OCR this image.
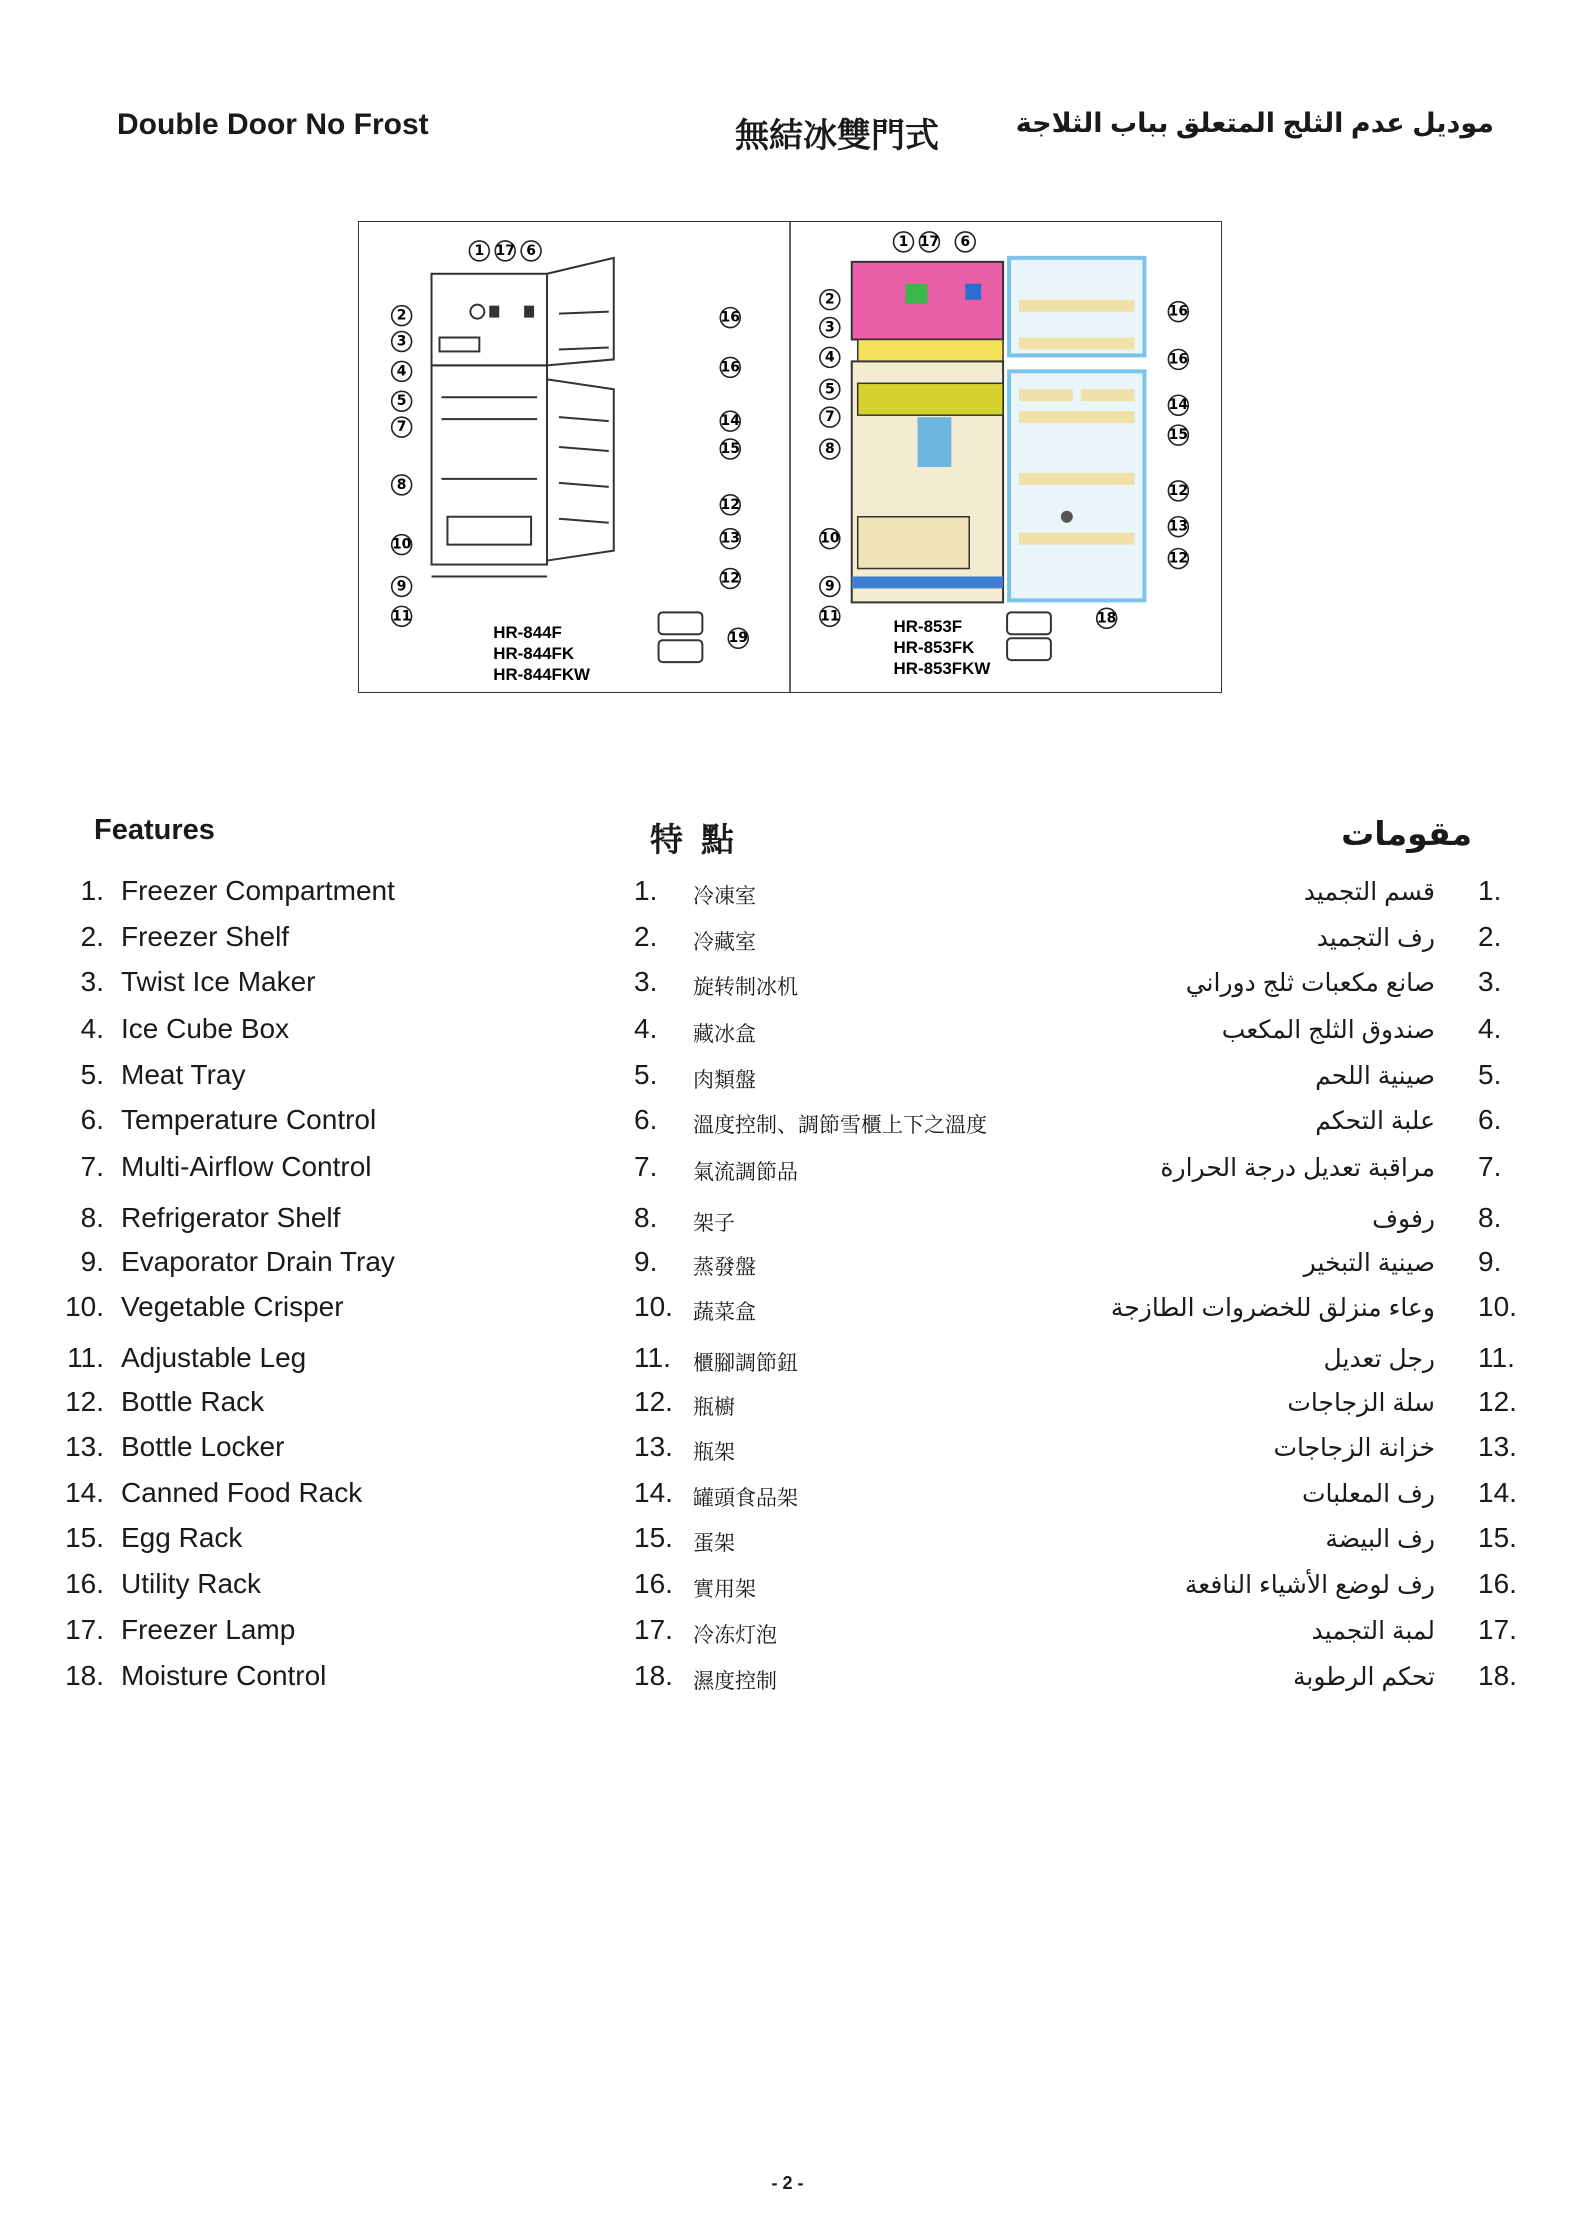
Double Door No Frost	無結冰雙門式	موديل عدم الثلج المتعلق بباب الثلاجة
1 17 6
2
3
4
5
7
8
10
9
11
16
16
14
15
12
13
12
19
HR-844F
HR-844FK
HR-844FKW
1 17 6
2
3
4
5
7
8
10
9
11
16
16
14
15
12
13
12
18
HR-853F
HR-853FK
HR-853FKW
Features	特點	مقومات
1. Freezer Compartment	1. 冷凍室	قسم التجميد 1.
2. Freezer Shelf	2. 冷藏室	رف التجميد 2.
3. Twist Ice Maker	3. 旋转制冰机	صانع مكعبات ثلج دوراني 3.
4. Ice Cube Box	4. 藏冰盒	صندوق الثلج المكعب 4.
5. Meat Tray	5. 肉類盤	صينية اللحم 5.
6. Temperature Control	6. 溫度控制、調節雪櫃上下之溫度	علبة التحكم 6.
7. Multi-Airflow Control	7. 氣流調節品	مراقبة تعديل درجة الحرارة 7.
8. Refrigerator Shelf	8. 架子	رفوف 8.
9. Evaporator Drain Tray	9. 蒸發盤	صينية التبخير 9.
10. Vegetable Crisper	10. 蔬菜盒	وعاء منزلق للخضروات الطازجة 10.
11. Adjustable Leg	11. 櫃腳調節鈕	رجل تعديل 11.
12. Bottle Rack	12. 瓶櫥	سلة الزجاجات 12.
13. Bottle Locker	13. 瓶架	خزانة الزجاجات 13.
14. Canned Food Rack	14. 罐頭食品架	رف المعلبات 14.
15. Egg Rack	15. 蛋架	رف البيضة 15.
16. Utility Rack	16. 實用架	رف لوضع الأشياء النافعة 16.
17. Freezer Lamp	17. 冷冻灯泡	لمبة التجميد 17.
18. Moisture Control	18. 濕度控制	تحكم الرطوبة 18.
- 2 -
